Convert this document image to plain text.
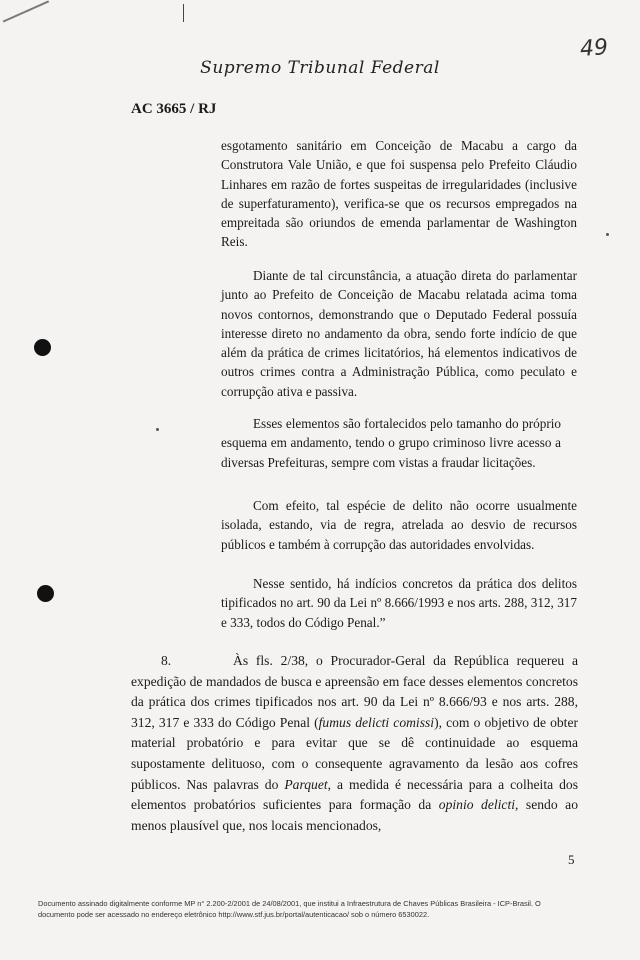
Supremo Tribunal Federal
49
AC 3665 / RJ

esgotamento sanitário em Conceição de Macabu a cargo da Construtora Vale União, e que foi suspensa pelo Prefeito Cláudio Linhares em razão de fortes suspeitas de irregularidades (inclusive de superfaturamento), verifica-se que os recursos empregados na empreitada são oriundos de emenda parlamentar de Washington Reis.

Diante de tal circunstância, a atuação direta do parlamentar junto ao Prefeito de Conceição de Macabu relatada acima toma novos contornos, demonstrando que o Deputado Federal possuía interesse direto no andamento da obra, sendo forte indício de que além da prática de crimes licitatórios, há elementos indicativos de outros crimes contra a Administração Pública, como peculato e corrupção ativa e passiva.

Esses elementos são fortalecidos pelo tamanho do próprio esquema em andamento, tendo o grupo criminoso livre acesso a diversas Prefeituras, sempre com vistas a fraudar licitações.

Com efeito, tal espécie de delito não ocorre usualmente isolada, estando, via de regra, atrelada ao desvio de recursos públicos e também à corrupção das autoridades envolvidas.

Nesse sentido, há indícios concretos da prática dos delitos tipificados no art. 90 da Lei nº 8.666/1993 e nos arts. 288, 312, 317 e 333, todos do Código Penal.”

8.	Às fls. 2/38, o Procurador-Geral da República requereu a expedição de mandados de busca e apreensão em face desses elementos concretos da prática dos crimes tipificados nos art. 90 da Lei nº 8.666/93 e nos arts. 288, 312, 317 e 333 do Código Penal (fumus delicti comissi), com o objetivo de obter material probatório e para evitar que se dê continuidade ao esquema supostamente delituoso, com o consequente agravamento da lesão aos cofres públicos. Nas palavras do Parquet, a medida é necessária para a colheita dos elementos probatórios suficientes para formação da opinio delicti, sendo ao menos plausível que, nos locais mencionados,

5
Documento assinado digitalmente conforme MP n° 2.200-2/2001 de 24/08/2001, que institui a Infraestrutura de Chaves Públicas Brasileira - ICP-Brasil. O
documento pode ser acessado no endereço eletrônico http://www.stf.jus.br/portal/autenticacao/ sob o número 6530022.
